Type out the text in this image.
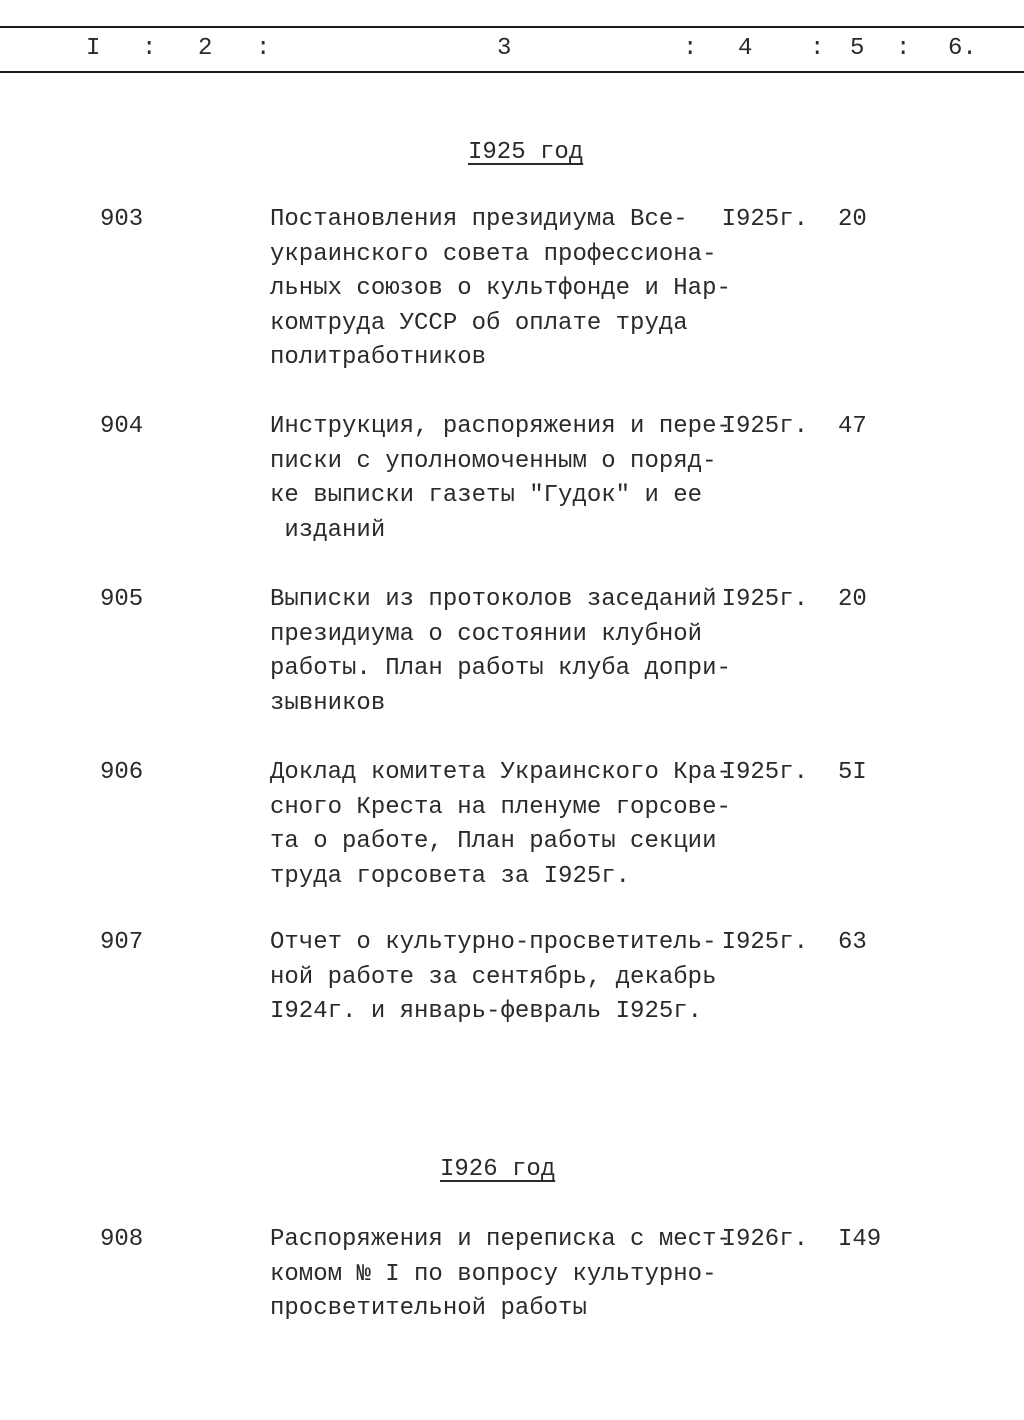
I : 2 :	3	: 4 : 5 : 6.
I925 год
903	Постановления президиума Все-
украинского совета профессиона-
льных союзов о культфонде и Нар-
комтруда УССР об оплате труда
политработников
I925г. 20
904	Инструкция, распоряжения и пере-
писки с уполномоченным о поряд-
ке выписки газеты "Гудок" и ее
изданий
I925г. 47
905	Выписки из протоколов заседаний
президиума о состоянии клубной
работы. План работы клуба допри-
зывников
I925г. 20
906	Доклад комитета Украинского Кра-
сного Креста на пленуме горсове-
та о работе, План работы секции
труда горсовета за I925г.
I925г. 5I
907	Отчет о культурно-просветитель-
ной работе за сентябрь, декабрь
I924г. и январь-февраль I925г.
I925г. 63
I926 год
908	Распоряжения и переписка с мест-
комом № I по вопросу культурно-
просветительной работы
I926г. I49
